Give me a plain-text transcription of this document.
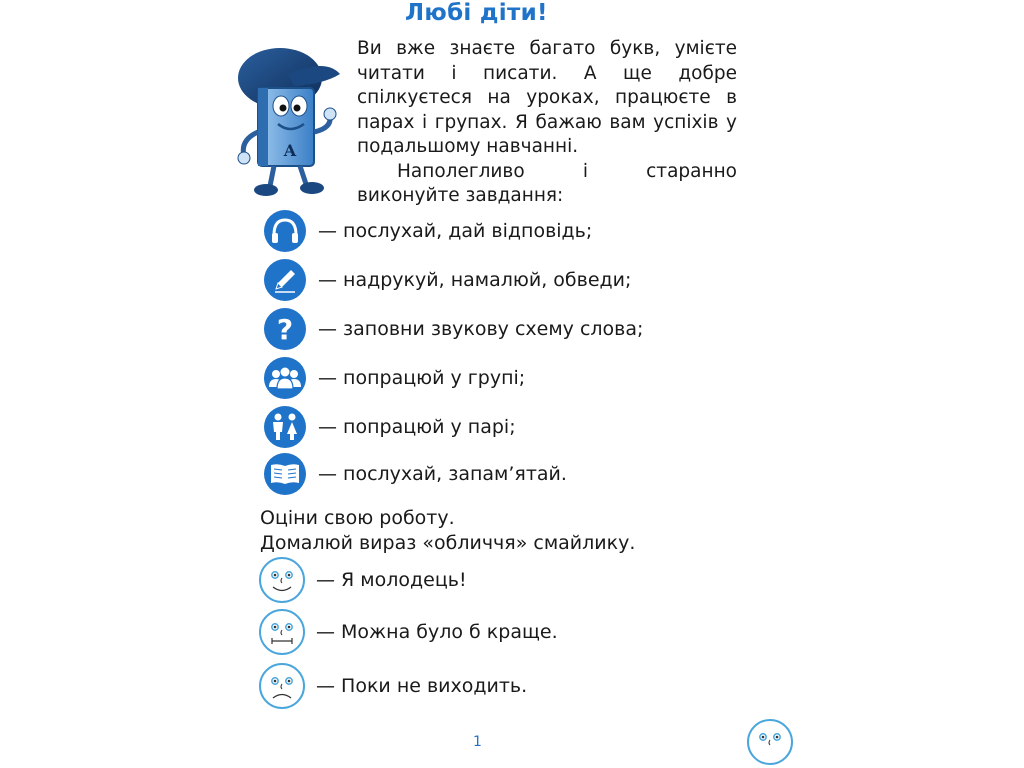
Любі діти!
A

Ви вже знаєте багато букв, умієте читати і писати. А ще добре спілкуєтеся на уроках, працюєте в парах і групах. Я бажаю вам успіхів у подальшому навчанні.

Наполегливо і старанно виконуйте завдання:

— послухай, дай відповідь;
— надрукуй, намалюй, обведи;
? — заповни звукову схему слова;
— попрацюй у групі;
— попрацюй у парі;
— послухай, запам’ятай.
Оціни свою роботу.
Домалюй вираз «обличчя» смайлику.
— Я молодець!
— Можна було б краще.
— Поки не виходить.
1
